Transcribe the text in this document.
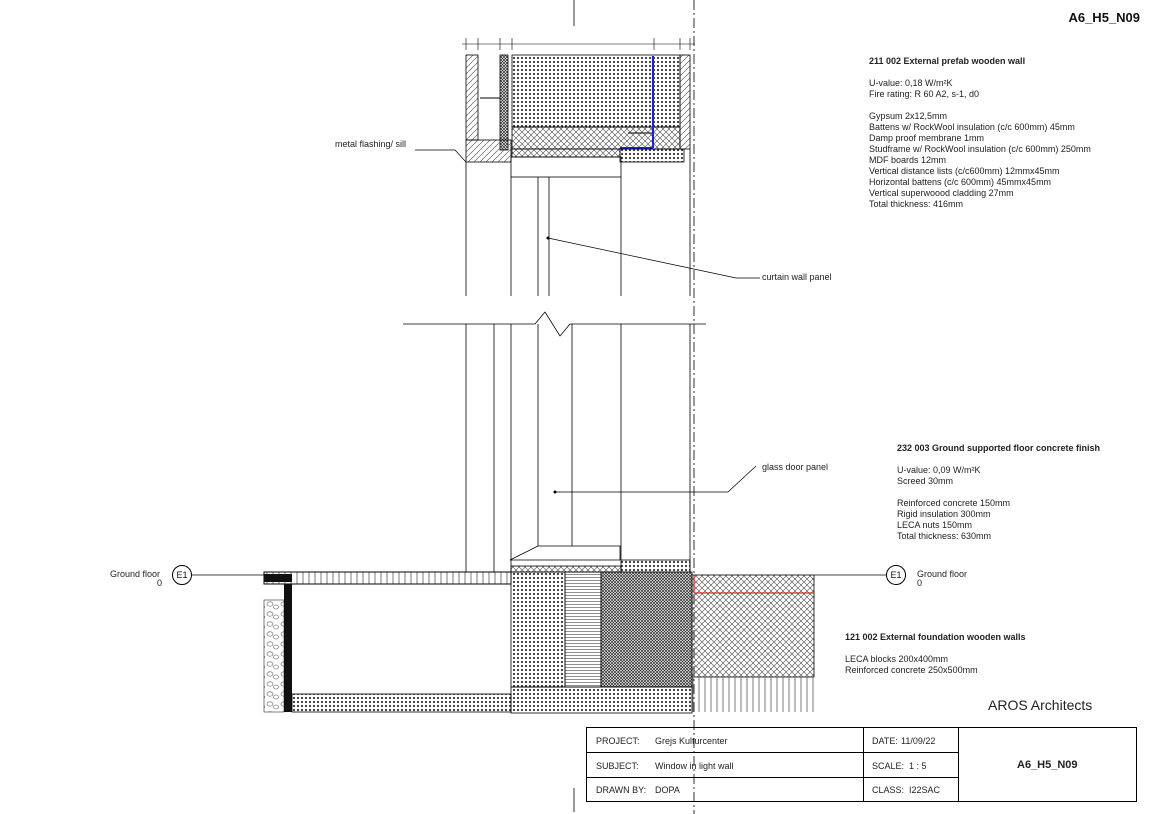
A6_H5_N09
metal flashing/ sill
curtain wall panel
glass door panel
Ground floor
0
E1	E1	Ground floor
0
211 002 External prefab wooden wall
U-value: 0,18 W/m²K
Fire rating: R 60 A2, s-1, d0
Gypsum 2x12,5mm
Battens w/ RockWool insulation (c/c 600mm) 45mm
Damp proof membrane 1mm
Studframe w/ RockWool insulation (c/c 600mm) 250mm
MDF boards 12mm
Vertical distance lists (c/c600mm) 12mmx45mm
Horizontal battens (c/c 600mm) 45mmx45mm
Vertical superwoood cladding 27mm
Total thickness: 416mm
232 003 Ground supported floor concrete finish
U-value: 0,09 W/m²K
Screed 30mm
Reinforced concrete 150mm
Rigid insulation 300mm
LECA nuts 150mm
Total thickness: 630mm
121 002 External foundation wooden walls
LECA blocks 200x400mm
Reinforced concrete 250x500mm
AROS Architects
PROJECT: Grejs Kulturcenter
SUBJECT: Window in light wall
DRAWN BY: DOPA
DATE: 11/09/22
SCALE: 1 : 5
CLASS: I22SAC
A6_H5_N09
